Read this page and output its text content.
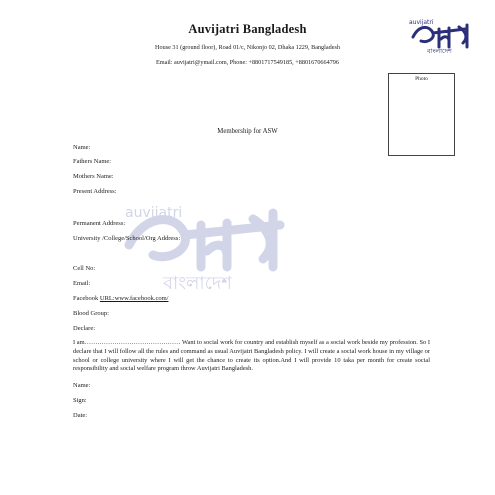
Auvijatri Bangladesh
House 31 (ground floor), Road 01/c, Nikonjo 02, Dhaka 1229, Bangladesh
Email: auvijatri@ymail.com, Phone: +8801717549185, +8801670664796
auvijatri
বাংলাদেশ
Photo
Membership for ASW
auvijatri
বাংলাদেশ
Name:
Fathers Name:
Mothers Name:
Present Address:
Permanent Address:
University /College/School/Org Address:
Cell No:
Email:
Facebook URL:www.facebook.com/
Blood Group:
Declare:
I am……………………………………… Want to social work for country and establish myself as a social work beside my profession. So I declare that I will follow all the rules and command as usual Auvijatri Bangladesh policy. I will create a social work house in my village or school or college university where I will get the chance to create its option.And I will provide 10 taka per month for create social responsibility and social welfare program throw Auvijatri Bangladesh.
Name:
Sign:
Date:
